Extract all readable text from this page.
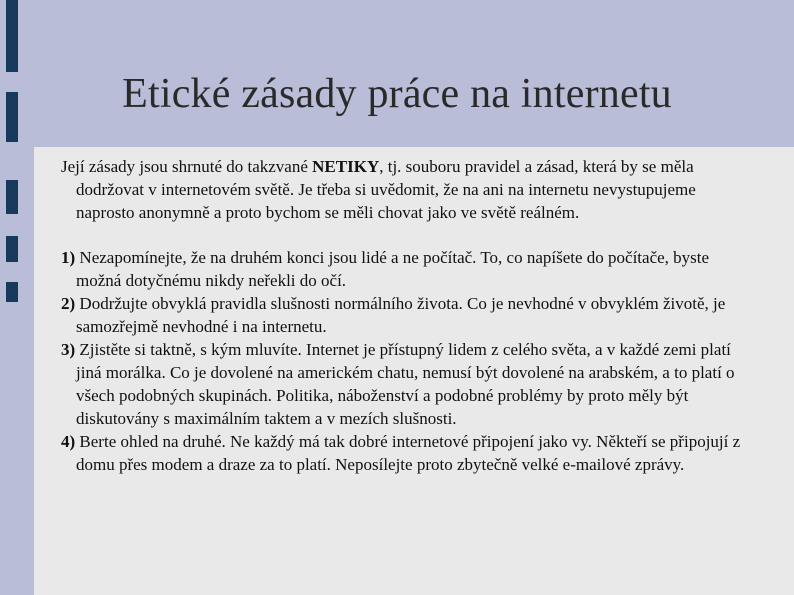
Etické zásady práce na internetu

Její zásady jsou shrnuté do takzvané NETIKY, tj. souboru pravidel a zásad, která by se měla dodržovat v internetovém světě. Je třeba si uvědomit, že na ani na internetu nevystupujeme naprosto anonymně a proto bychom se měli chovat jako ve světě reálném.

1) Nezapomínejte, že na druhém konci jsou lidé a ne počítač. To, co napíšete do počítače, byste možná dotyčnému nikdy neřekli do očí.

2) Dodržujte obvyklá pravidla slušnosti normálního života. Co je nevhodné v obvyklém životě, je samozřejmě nevhodné i na internetu.

3) Zjistěte si taktně, s kým mluvíte. Internet je přístupný lidem z celého světa, a v každé zemi platí jiná morálka. Co je dovolené na americkém chatu, nemusí být dovolené na arabském, a to platí o všech podobných skupinách. Politika, náboženství a podobné problémy by proto měly být diskutovány s maximálním taktem a v mezích slušnosti.

4) Berte ohled na druhé. Ne každý má tak dobré internetové připojení jako vy. Někteří se připojují z domu přes modem a draze za to platí. Neposílejte proto zbytečně velké e-mailové zprávy.
